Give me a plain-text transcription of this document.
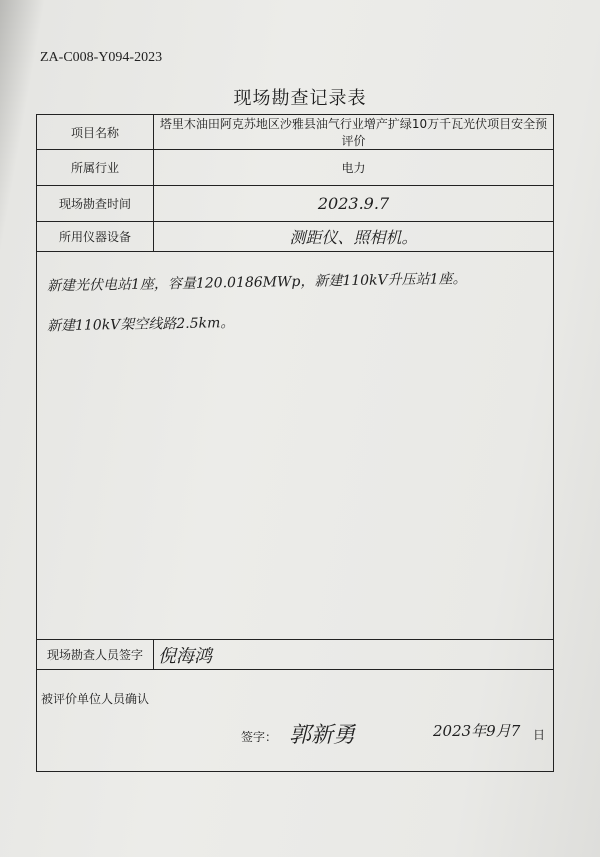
ZA-C008-Y094-2023
现场勘查记录表
项目名称	塔里木油田阿克苏地区沙雅县油气行业增产扩绿10万千瓦光伏项目安全预评价
所属行业	电力
现场勘查时间	2023.9.7
所用仪器设备	测距仪、照相机。

新建光伏电站1座，容量120.0186MWp，新建110kV升压站1座。
新建110kV架空线路2.5km。	

现场勘查人员签字	倪海鸿

被评价单位人员确认
签字： 郭新勇 2023年9月7 日	
